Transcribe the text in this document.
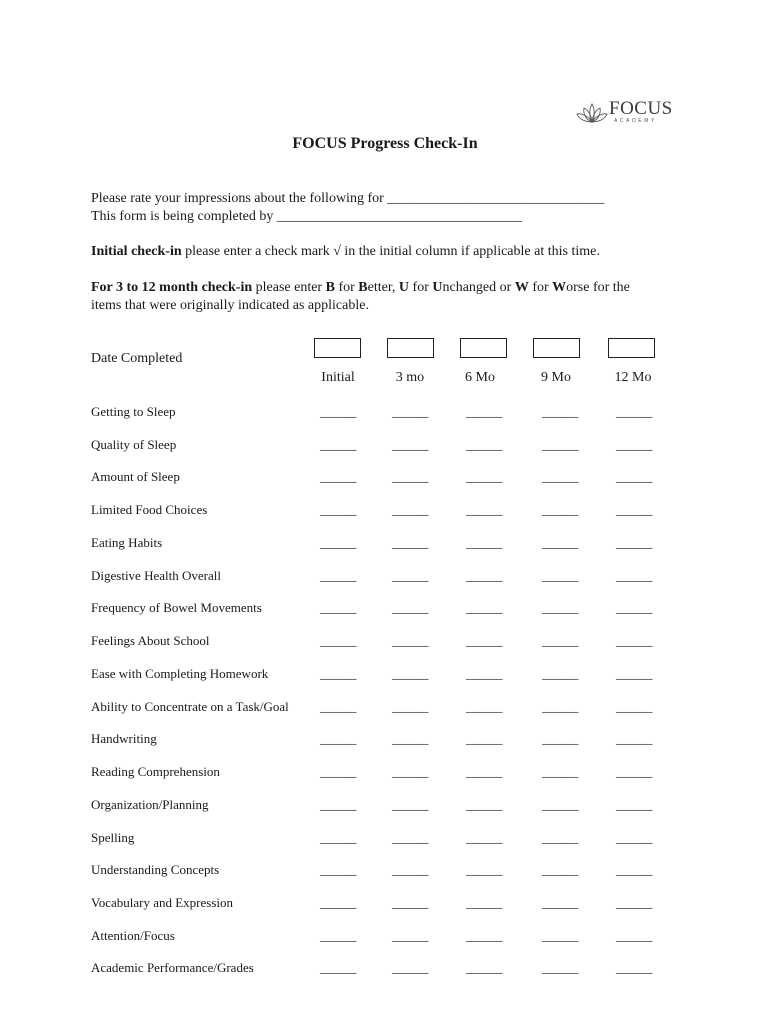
FOCUS
ACADEMY
FOCUS Progress Check-In
Please rate your impressions about the following for _______________________________
This form is being completed by ___________________________________
Initial check-in please enter a check mark √ in the initial column if applicable at this time.
For 3 to 12 month check-in please enter B for Better, U for Unchanged or W for Worse for the
items that were originally indicated as applicable.
Date Completed
Initial	3 mo	6 Mo	9 Mo	12 Mo
Getting to Sleep	______	______	______	______	______
Quality of Sleep	______	______	______	______	______
Amount of Sleep	______	______	______	______	______
Limited Food Choices	______	______	______	______	______
Eating Habits	______	______	______	______	______
Digestive Health Overall	______	______	______	______	______
Frequency of Bowel Movements	______	______	______	______	______
Feelings About School	______	______	______	______	______
Ease with Completing Homework	______	______	______	______	______
Ability to Concentrate on a Task/Goal	______	______	______	______	______
Handwriting	______	______	______	______	______
Reading Comprehension	______	______	______	______	______
Organization/Planning	______	______	______	______	______
Spelling	______	______	______	______	______
Understanding Concepts	______	______	______	______	______
Vocabulary and Expression	______	______	______	______	______
Attention/Focus	______	______	______	______	______
Academic Performance/Grades	______	______	______	______	______
